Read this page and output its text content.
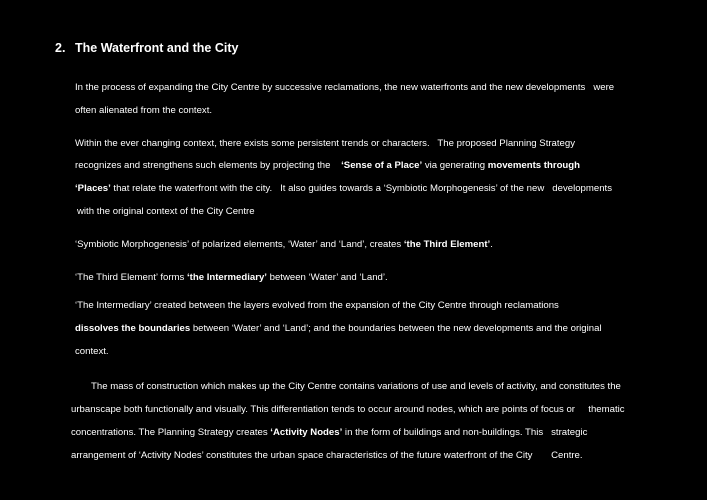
2. The Waterfront and the City
In the process of expanding the City Centre by successive reclamations, the new waterfronts and the new developments   were
often alienated from the context.
Within the ever changing context, there exists some persistent trends or characters.   The proposed Planning Strategy
recognizes and strengthens such elements by projecting the    ‘Sense of a Place’ via generating movements through
‘Places’ that relate the waterfront with the city.   It also guides towards a ‘Symbiotic Morphogenesis’ of the new   developments
with the original context of the City Centre
‘Symbiotic Morphogenesis’ of polarized elements, ‘Water’ and ‘Land’, creates ‘the Third Element’.
‘The Third Element’ forms ‘the Intermediary’ between ‘Water’ and ‘Land’.
‘The Intermediary’ created between the layers evolved from the expansion of the City Centre through reclamations
dissolves the boundaries between ‘Water’ and ‘Land’; and the boundaries between the new developments and the original
context.
The mass of construction which makes up the City Centre contains variations of use and levels of activity, and constitutes the
urbanscape both functionally and visually. This differentiation tends to occur around nodes, which are points of focus or     thematic
concentrations. The Planning Strategy creates ‘Activity Nodes’ in the form of buildings and non-buildings. This   strategic
arrangement of ‘Activity Nodes’ constitutes the urban space characteristics of the future waterfront of the City       Centre.
